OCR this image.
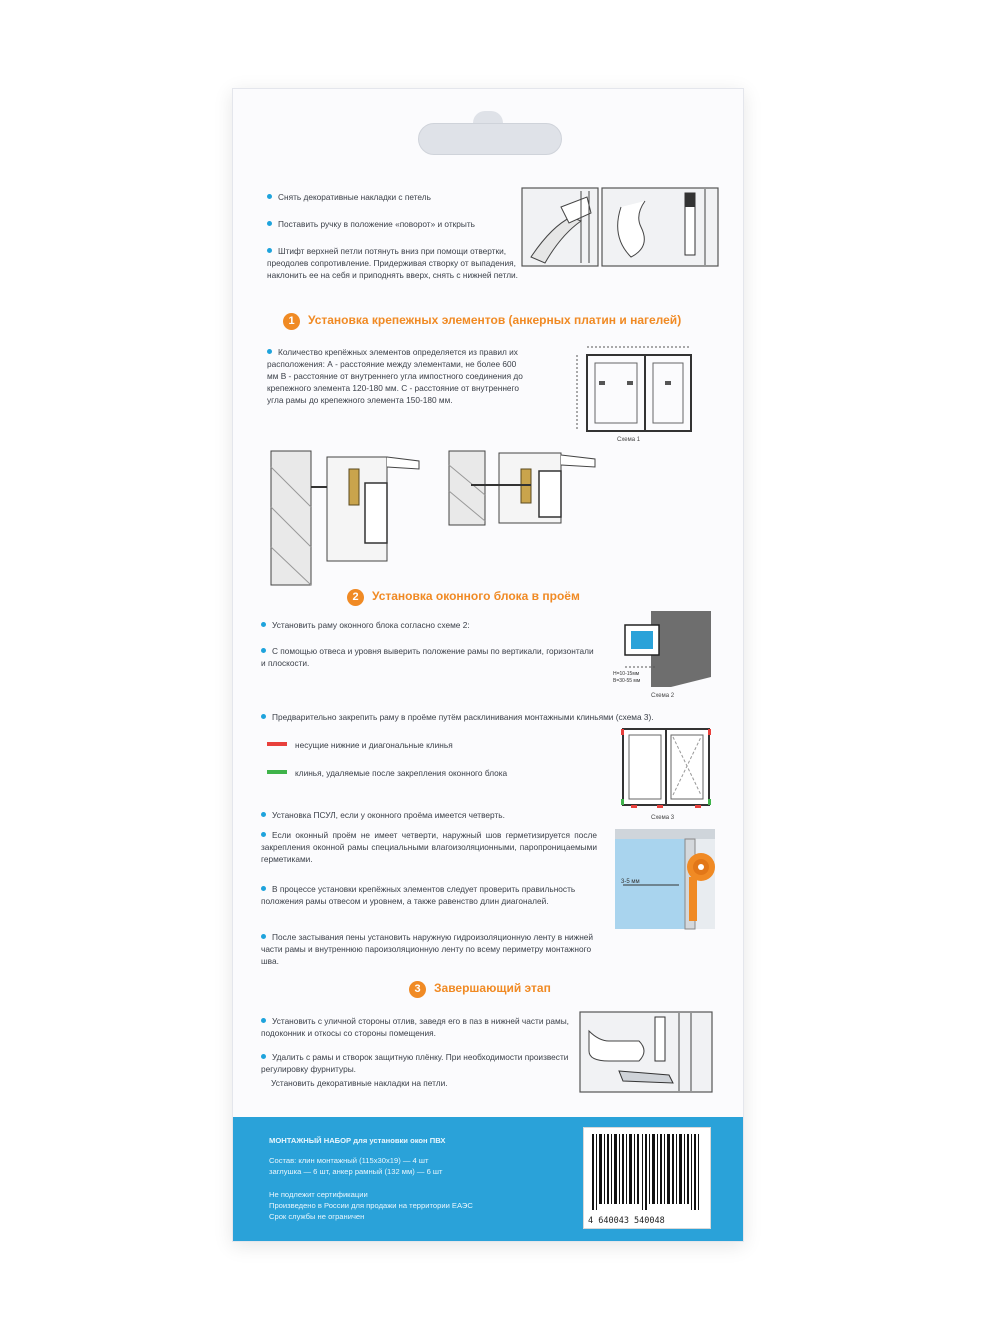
Снять декоративные накладки с петель
Поставить ручку в положение «поворот» и открыть
Штифт верхней петли потянуть вниз при помощи отвертки, преодолев сопротивление. Придерживая створку от выпадения, наклонить ее на себя и приподнять вверх, снять с нижней петли.
1 Установка крепежных элементов (анкерных платин и нагелей)
Количество крепёжных элементов определяется из правил их расположения: А - расстояние между элементами, не более 600 мм В - расстояние от внутреннего угла импостного соединения до крепежного элемента 120-180 мм. С - расстояние от внутреннего угла рамы до крепежного элемента 150-180 мм.
Схема 1
2 Установка оконного блока в проём
Установить раму оконного блока согласно схеме 2:
С помощью отвеса и уровня выверить положение рамы по вертикали, горизонтали и плоскости.
Н=10-15мм
В=30-55 мм
Схема 2
Предварительно закрепить раму в проёме путём расклинивания монтажными клиньями (схема 3).
несущие нижние и диагональные клинья
клинья, удаляемые после закрепления оконного блока
Схема 3
Установка ПСУЛ, если у оконного проёма имеется четверть.
Если оконный проём не имеет четверти, наружный шов герметизируется после закрепления оконной рамы специальными влагоизоляционными, паропроницаемыми герметиками.
В процессе установки крепёжных элементов следует проверить правильность положения рамы отвесом и уровнем, а также равенство длин диагоналей.
После застывания пены установить наружную гидроизоляционную ленту в нижней части рамы и внутреннюю пароизоляционную ленту по всему периметру монтажного шва.
3-5 мм
3 Завершающий этап
Установить с уличной стороны отлив, заведя его в паз в нижней части рамы, подоконник и откосы со стороны помещения.
Удалить с рамы и створок защитную плёнку. При необходимости произвести регулировку фурнитуры.
Установить декоративные накладки на петли.
МОНТАЖНЫЙ НАБОР для установки окон ПВХ
Состав: клин монтажный (115х30х19) — 4 шт
заглушка — 6 шт, анкер рамный (132 мм) — 6 шт
Не подлежит сертификации
Произведено в России для продажи на территории ЕАЭС
Срок службы не ограничен	4 640043 540048
